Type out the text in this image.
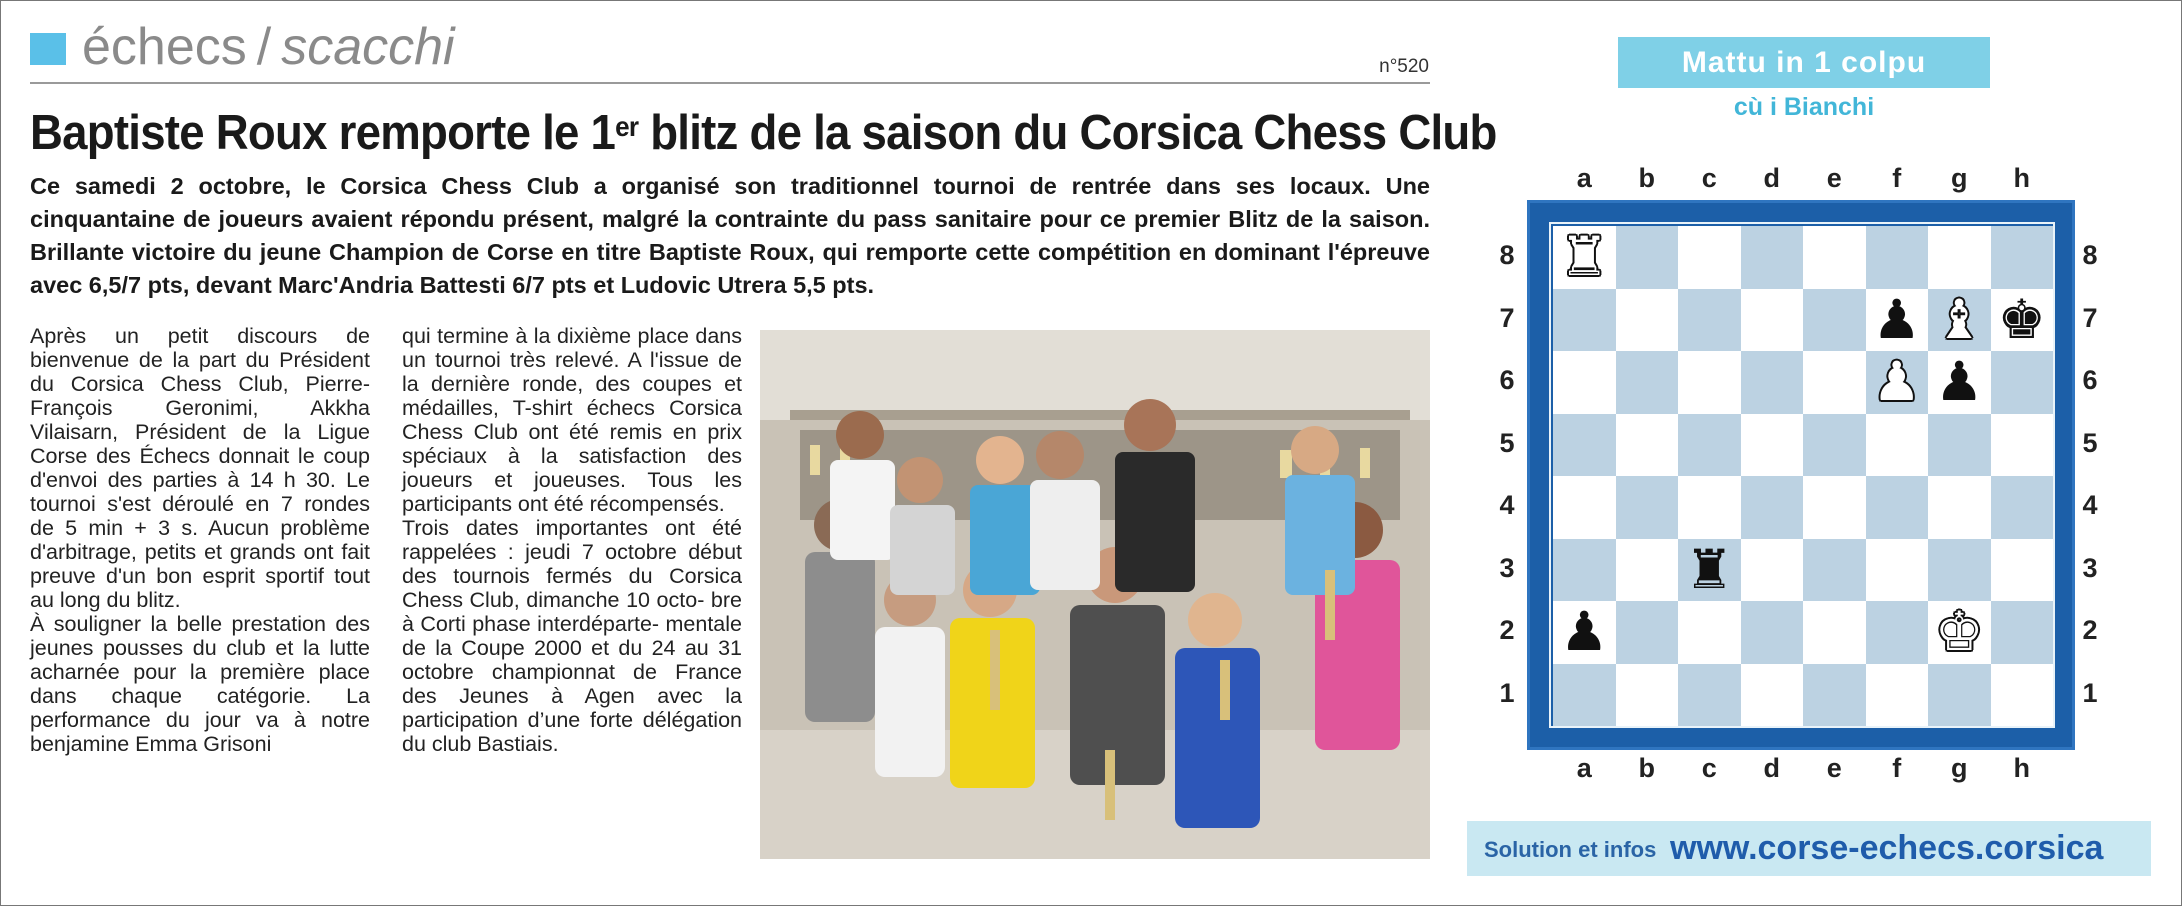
échecs / scacchi	n°520
Baptiste Roux remporte le 1er blitz de la saison du Corsica Chess Club
Ce samedi 2 octobre, le Corsica Chess Club a organisé son traditionnel tournoi de rentrée dans ses locaux. Une cinquantaine de joueurs avaient répondu présent, malgré la contrainte du pass sanitaire pour ce premier Blitz de la saison. Brillante victoire du jeune Champion de Corse en titre Baptiste Roux, qui remporte cette compétition en dominant l'épreuve avec 6,5/7 pts, devant Marc'Andria Battesti 6/7 pts et Ludovic Utrera 5,5 pts.

Après un petit discours de bienvenue de la part du Président du Corsica Chess Club, Pierre-François Geronimi, Akkha Vilaisarn, Président de la Ligue Corse des Échecs donnait le coup d'envoi des parties à 14 h 30. Le tournoi s'est déroulé en 7 rondes de 5 min + 3 s. Aucun problème d'arbitrage, petits et grands ont fait preuve d'un bon esprit sportif tout au long du blitz.

À souligner la belle prestation des jeunes pousses du club et la lutte acharnée pour la première place dans chaque catégorie. La performance du jour va à notre benjamine Emma Grisoni

qui termine à la dixième place dans un tournoi très relevé. A l'issue de la dernière ronde, des coupes et médailles, T-shirt échecs Corsica Chess Club ont été remis en prix spéciaux à la satisfaction des joueurs et joueuses. Tous les participants ont été récompensés.

Trois dates importantes ont été rappelées : jeudi 7 octobre début des tournois fermés du Corsica Chess Club, dimanche 10 octo- bre à Corti phase interdéparte- mentale de la Coupe 2000 et du 24 au 31 octobre championnat de France des Jeunes à Agen avec la participation d’une forte délégation du club Bastiais.

Mattu in 1 colpu
cù i Bianchi
a
a
b
b
c
c
d
d
e
e
f
f
g
g
h
h
8	8
7	7
6	6
5	5
4	4
3	3
2	2
1	1
♜
♟ ♝ ♚
♟ ♟
♜
♟	♚
Solution et infos www.corse-echecs.corsica
